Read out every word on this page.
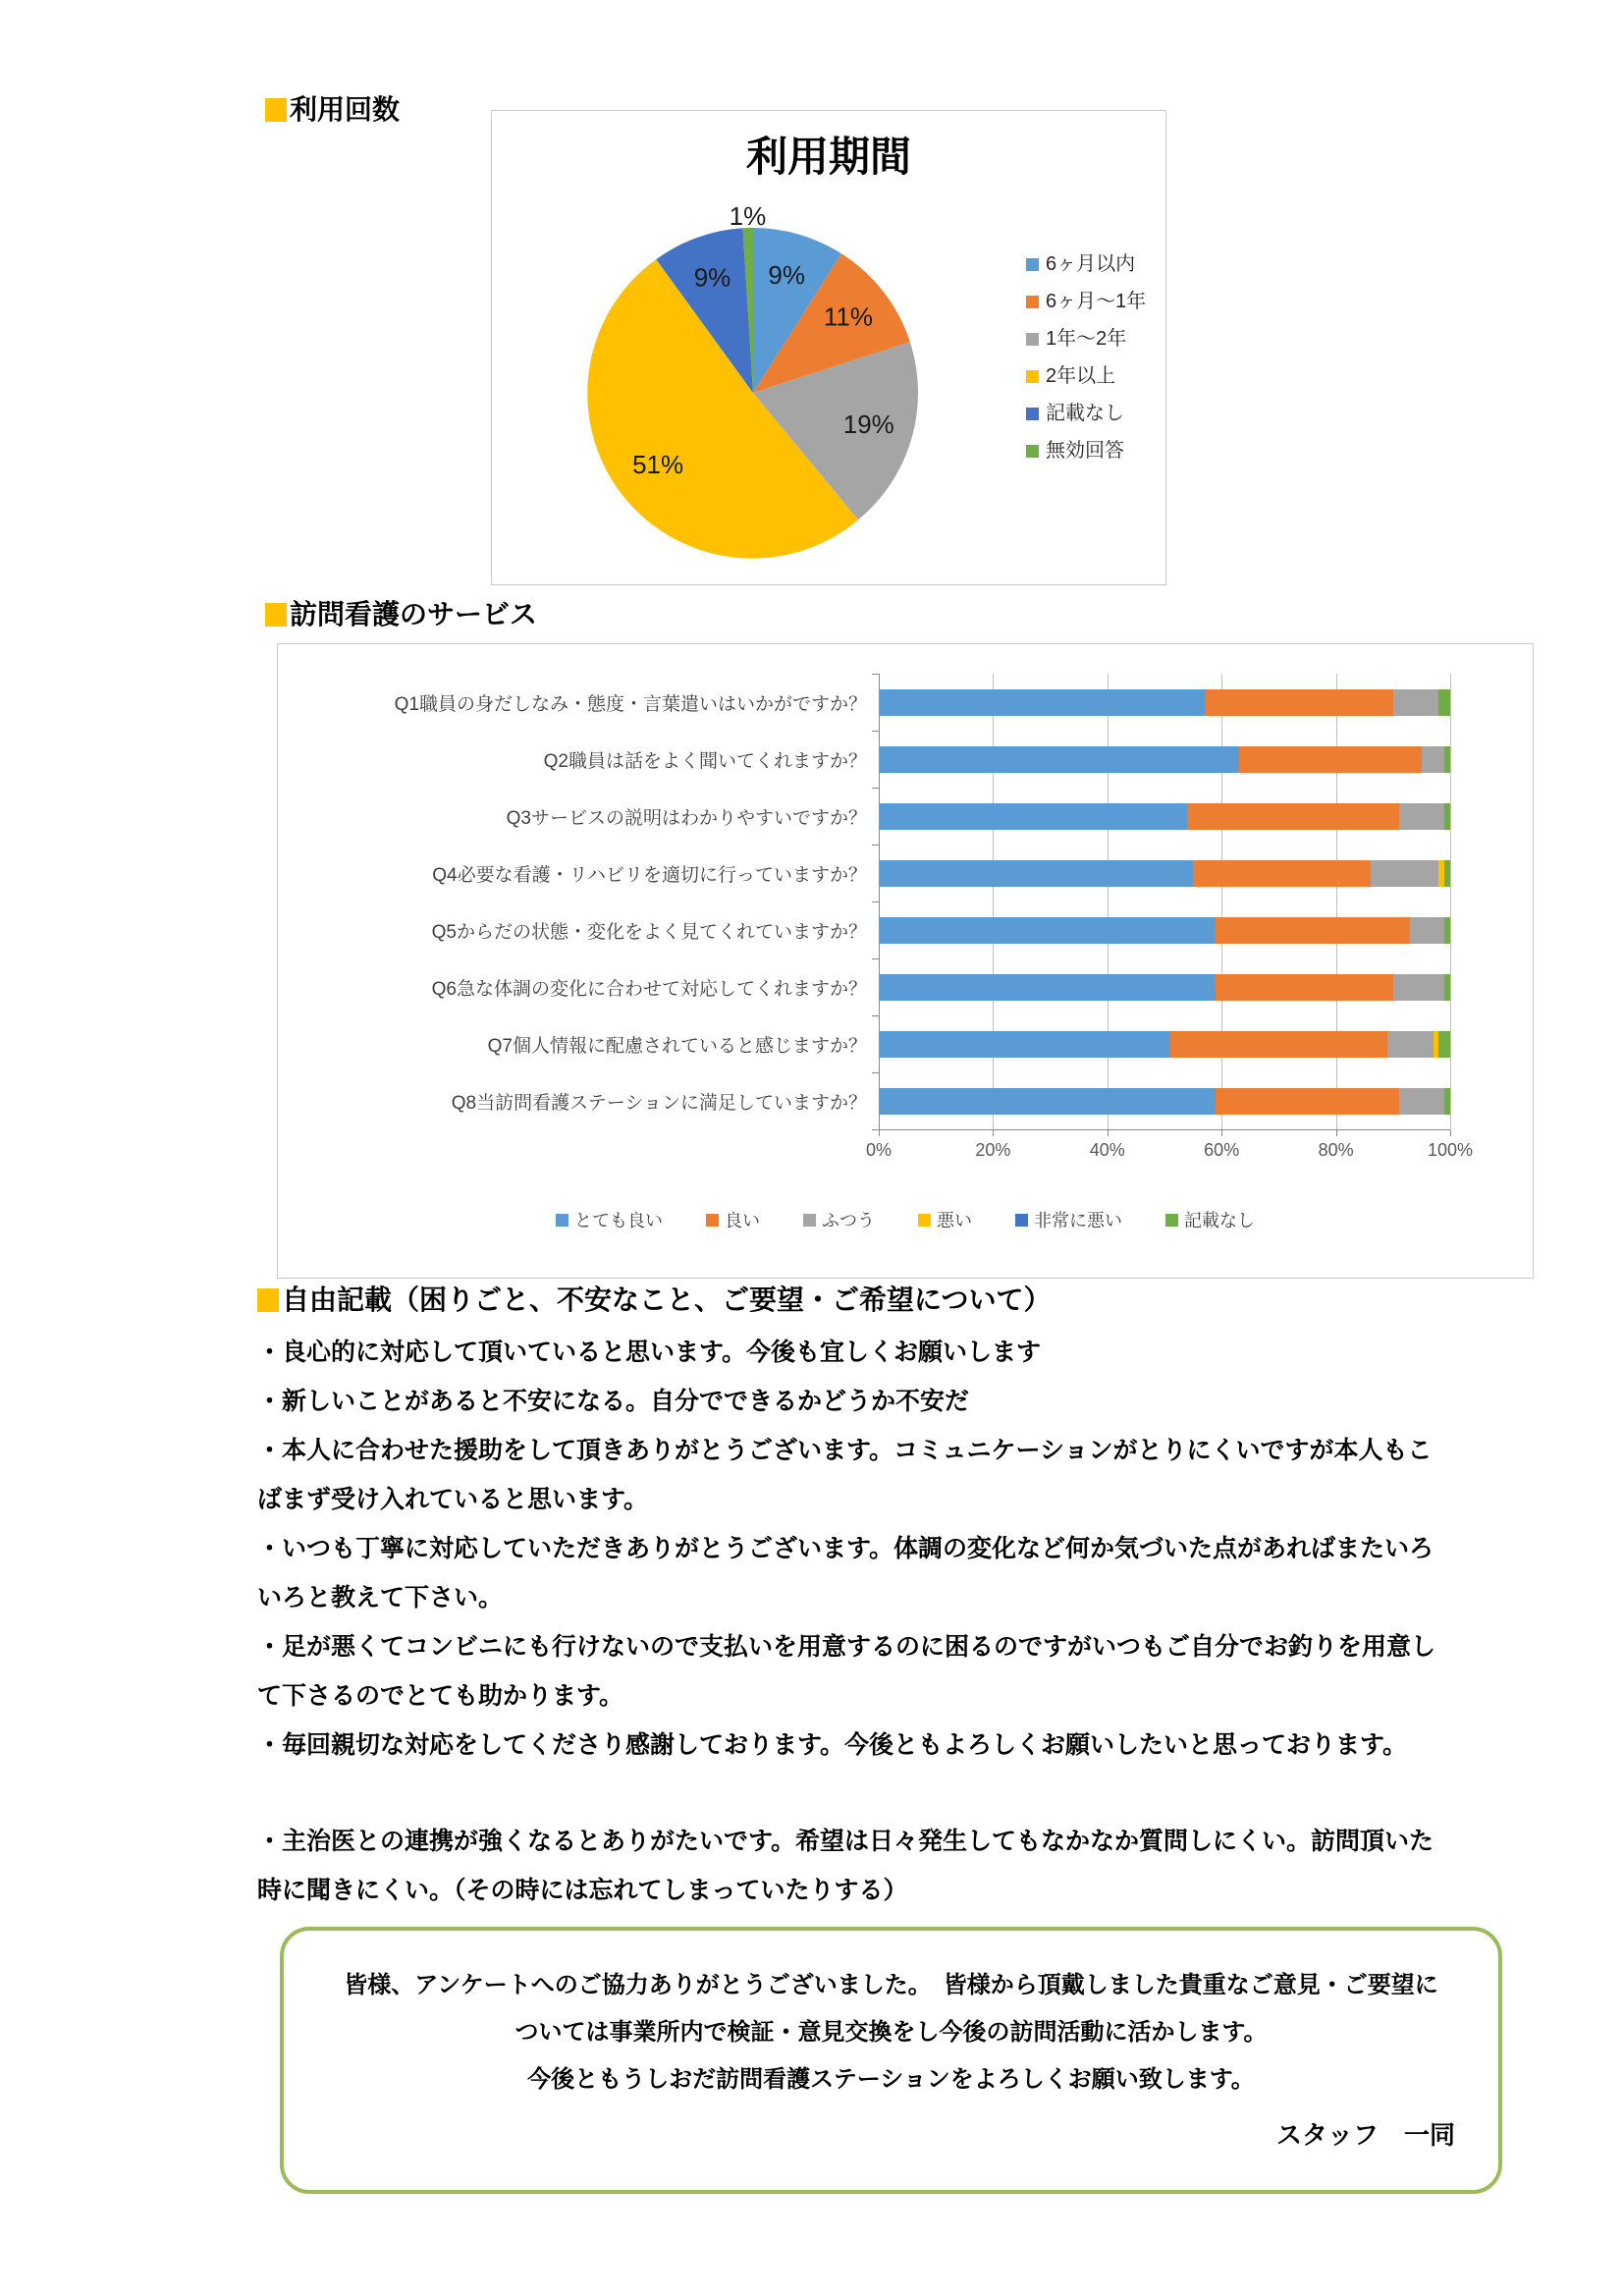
利用回数
利用期間
9%
11%
19%
51%
9%
1%
6ヶ月以内
6ヶ月～1年
1年～2年
2年以上
記載なし
無効回答
訪問看護のサービス
Q1職員の身だしなみ・態度・言葉遣いはいかがですか？
Q2職員は話をよく聞いてくれますか？
Q3サービスの説明はわかりやすいですか？
Q4必要な看護・リハビリを適切に行っていますか？
Q5からだの状態・変化をよく見てくれていますか？
Q6急な体調の変化に合わせて対応してくれますか？
Q7個人情報に配慮されていると感じますか？
Q8当訪問看護ステーションに満足していますか？
0%	20%	40%	60%	80%	100%
とても良い	良い	ふつう	悪い	非常に悪い	記載なし
自由記載（困りごと、不安なこと、ご要望・ご希望について）

・良心的に対応して頂いていると思います。今後も宜しくお願いします

・新しいことがあると不安になる。自分でできるかどうか不安だ

・本人に合わせた援助をして頂きありがとうございます。コミュニケーションがとりにくいですが本人もこばまず受け入れていると思います。

・いつも丁寧に対応していただきありがとうございます。体調の変化など何か気づいた点があればまたいろいろと教えて下さい。

・足が悪くてコンビニにも行けないので支払いを用意するのに困るのですがいつもご自分でお釣りを用意して下さるのでとても助かります。

・毎回親切な対応をしてくださり感謝しております。今後ともよろしくお願いしたいと思っております。

・主治医との連携が強くなるとありがたいです。希望は日々発生してもなかなか質問しにくい。訪問頂いた時に聞きにくい。（その時には忘れてしまっていたりする）

皆様、アンケートへのご協力ありがとうございました。　皆様から頂戴しました貴重なご意見・ご要望に

ついては事業所内で検証・意見交換をし今後の訪問活動に活かします。

今後ともうしおだ訪問看護ステーションをよろしくお願い致します。

スタッフ　一同
